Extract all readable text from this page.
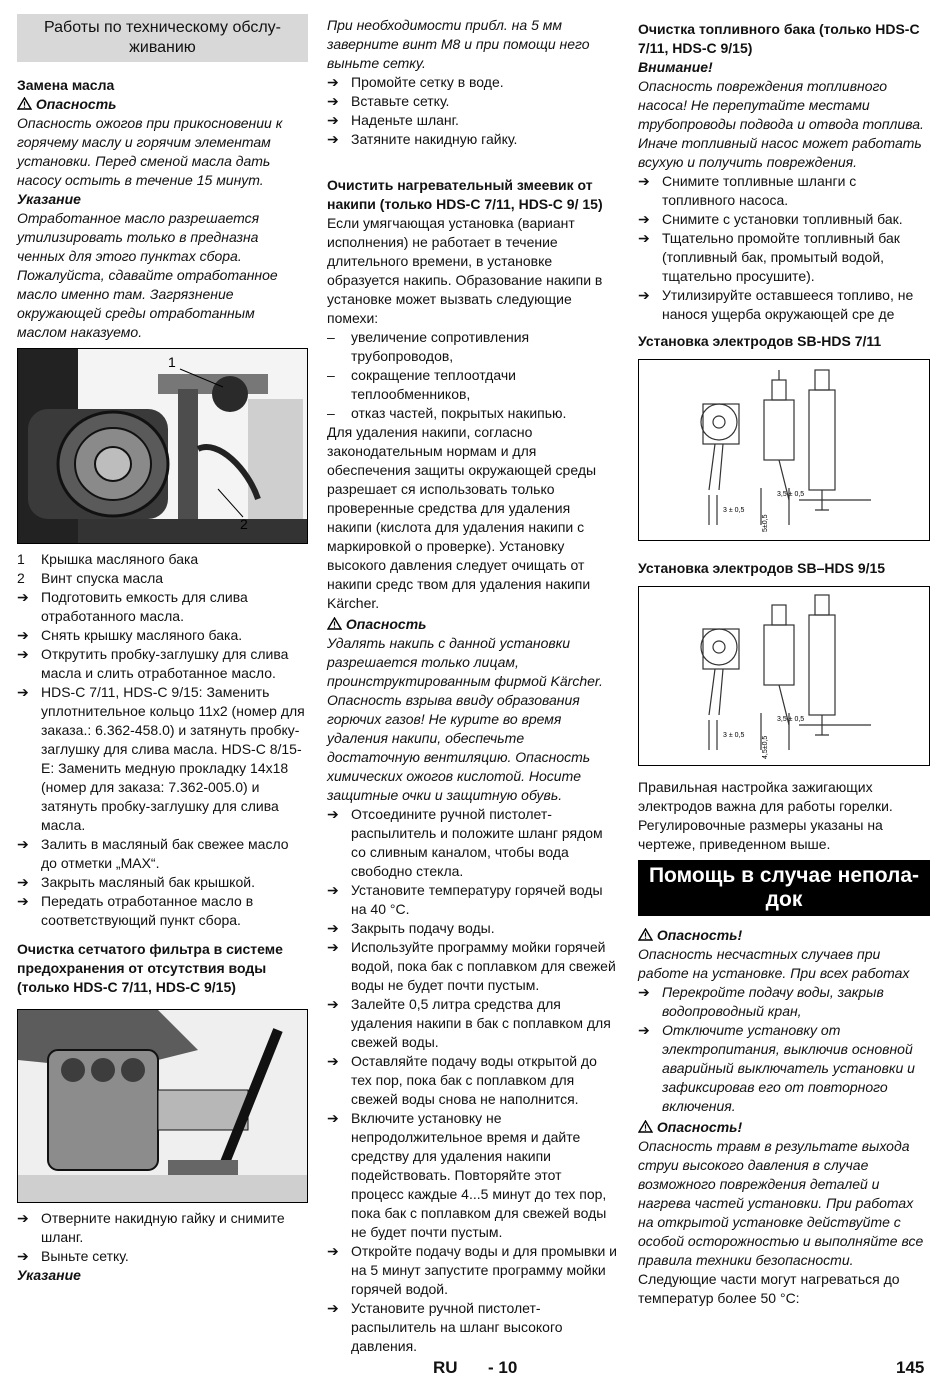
Работы по техническому обслу-живанию

Замена масла

Опасность

Опасность ожогов при прикосновении к горячему маслу и горячим элементам установки. Перед сменой масла дать насосу остыть в течение 15 минут.

Указание

Отработанное масло разрешается утилизировать только в предназна ченных для этого пунктах сбора. Пожалуйста, сдавайте отработанное масло именно там. Загрязнение окружающей среды отработанным маслом наказуемо.

1
2

1 Крышка масляного бака

2 Винт спуска масла

➔ Подготовить емкость для слива отработанного масла.

➔ Снять крышку масляного бака.

➔ Открутить пробку-заглушку для слива масла и слить отработанное масло.

➔ HDS-C 7/11, HDS-C 9/15: Заменить уплотнительное кольцо 11x2 (номер для заказа.: 6.362-458.0) и затянуть пробку-заглушку для слива масла. HDS-C 8/15-E: Заменить медную прокладку 14x18 (номер для заказа: 7.362-005.0) и затянуть пробку-заглушку для слива масла.

➔ Залить в масляный бак свежее масло до отметки „MAX“.

➔ Закрыть масляный бак крышкой.

➔ Передать отработанное масло в соответствующий пункт сбора.

Очистка сетчатого фильтра в системе предохранения от отсутствия воды (только HDS-C 7/11, HDS-C 9/15)

➔ Отверните накидную гайку и снимите шланг.

➔ Выньте сетку.

Указание

При необходимости прибл. на 5 мм заверните винт M8 и при помощи него выньте сетку.

➔ Промойте сетку в воде.

➔ Вставьте сетку.

➔ Наденьте шланг.

➔ Затяните накидную гайку.

Очистить нагревательный змеевик от накипи (только HDS-C 7/11, HDS-C 9/ 15)

Если умягчающая установка (вариант исполнения) не работает в течение длительного времени, в установке образуется накипь. Образование накипи в установке может вызвать следующие помехи:

– увеличение сопротивления трубопроводов,

– сокращение теплоотдачи теплообменников,

– отказ частей, покрытых накипью.

Для удаления накипи, согласно законодательным нормам и для обеспечения защиты окружающей среды разрешает ся использовать только проверенные средства для удаления накипи (кислота для удаления накипи с маркировкой о проверке). Установку высокого давления следует очищать от накипи средс твом для удаления накипи Kärcher.

Опасность

Удалять накипь с данной установки разрешается только лицам, проинструктированным фирмой Kärcher. Опасность взрыва ввиду образования горючих газов! Не курите во время удаления накипи, обеспечьте достаточную вентиляцию. Опасность химических ожогов кислотой. Носите защитные очки и защитную обувь.

➔ Отсоедините ручной пистолет-распылитель и положите шланг рядом со сливным каналом, чтобы вода свободно стекла.

➔ Установите температуру горячей воды на 40 °C.

➔ Закрыть подачу воды.

➔ Используйте программу мойки горячей водой, пока бак с поплавком для свежей воды не будет почти пустым.

➔ Залейте 0,5 литра средства для удаления накипи в бак с поплавком для свежей воды.

➔ Оставляйте подачу воды открытой до тех пор, пока бак с поплавком для свежей воды снова не наполнится.

➔ Включите установку не непродолжительное время и дайте средству для удаления накипи подействовать. Повторяйте этот процесс каждые 4...5 минут до тех пор, пока бак с поплавком для свежей воды не будет почти пустым.

➔ Откройте подачу воды и для промывки и на 5 минут запустите программу мойки горячей водой.

➔ Установите ручной пистолет-распылитель на шланг высокого давления.

Очистка топливного бака (только HDS-C 7/11, HDS-C 9/15)

Внимание!

Опасность повреждения топливного насоса! Не перепутайте местами трубопроводы подвода и отвода топлива. Иначе топливный насос может работать всухую и получить повреждения.

➔ Снимите топливные шланги с топливного насоса.

➔ Снимите с установки топливный бак.

➔ Тщательно промойте топливный бак (топливный бак, промытый водой, тщательно просушите).

➔ Утилизируйте оставшееся топливо, не нанося ущерба окружающей сре де

Установка электродов SB-HDS 7/11

3 ± 0,5
3,5 ± 0,5
5±0,5

Установка электродов SB–HDS 9/15

3 ± 0,5
3,5 ± 0,5
4,5±0,5

Правильная настройка зажигающих электродов важна для работы горелки. Регулировочные размеры указаны на чертеже, приведенном выше.

Помощь в случае непола-док

Опасность!

Опасность несчастных случаев при работе на установке. При всех работах

➔ Перекройте подачу воды, закрыв водопроводный кран,

➔ Отключите установку от электропитания, выключив основной аварийный выключатель установки и зафиксировав его от повторного включения.

Опасность!

Опасность травм в результате выхода струи высокого давления в случае возможного повреждения деталей и нагрева частей установки. При работах на открытой установке действуйте с особой осторожностью и выполняйте все правила техники безопасности.

Следующие части могут нагреваться до температур более 50 °C:

RU - 10	145
